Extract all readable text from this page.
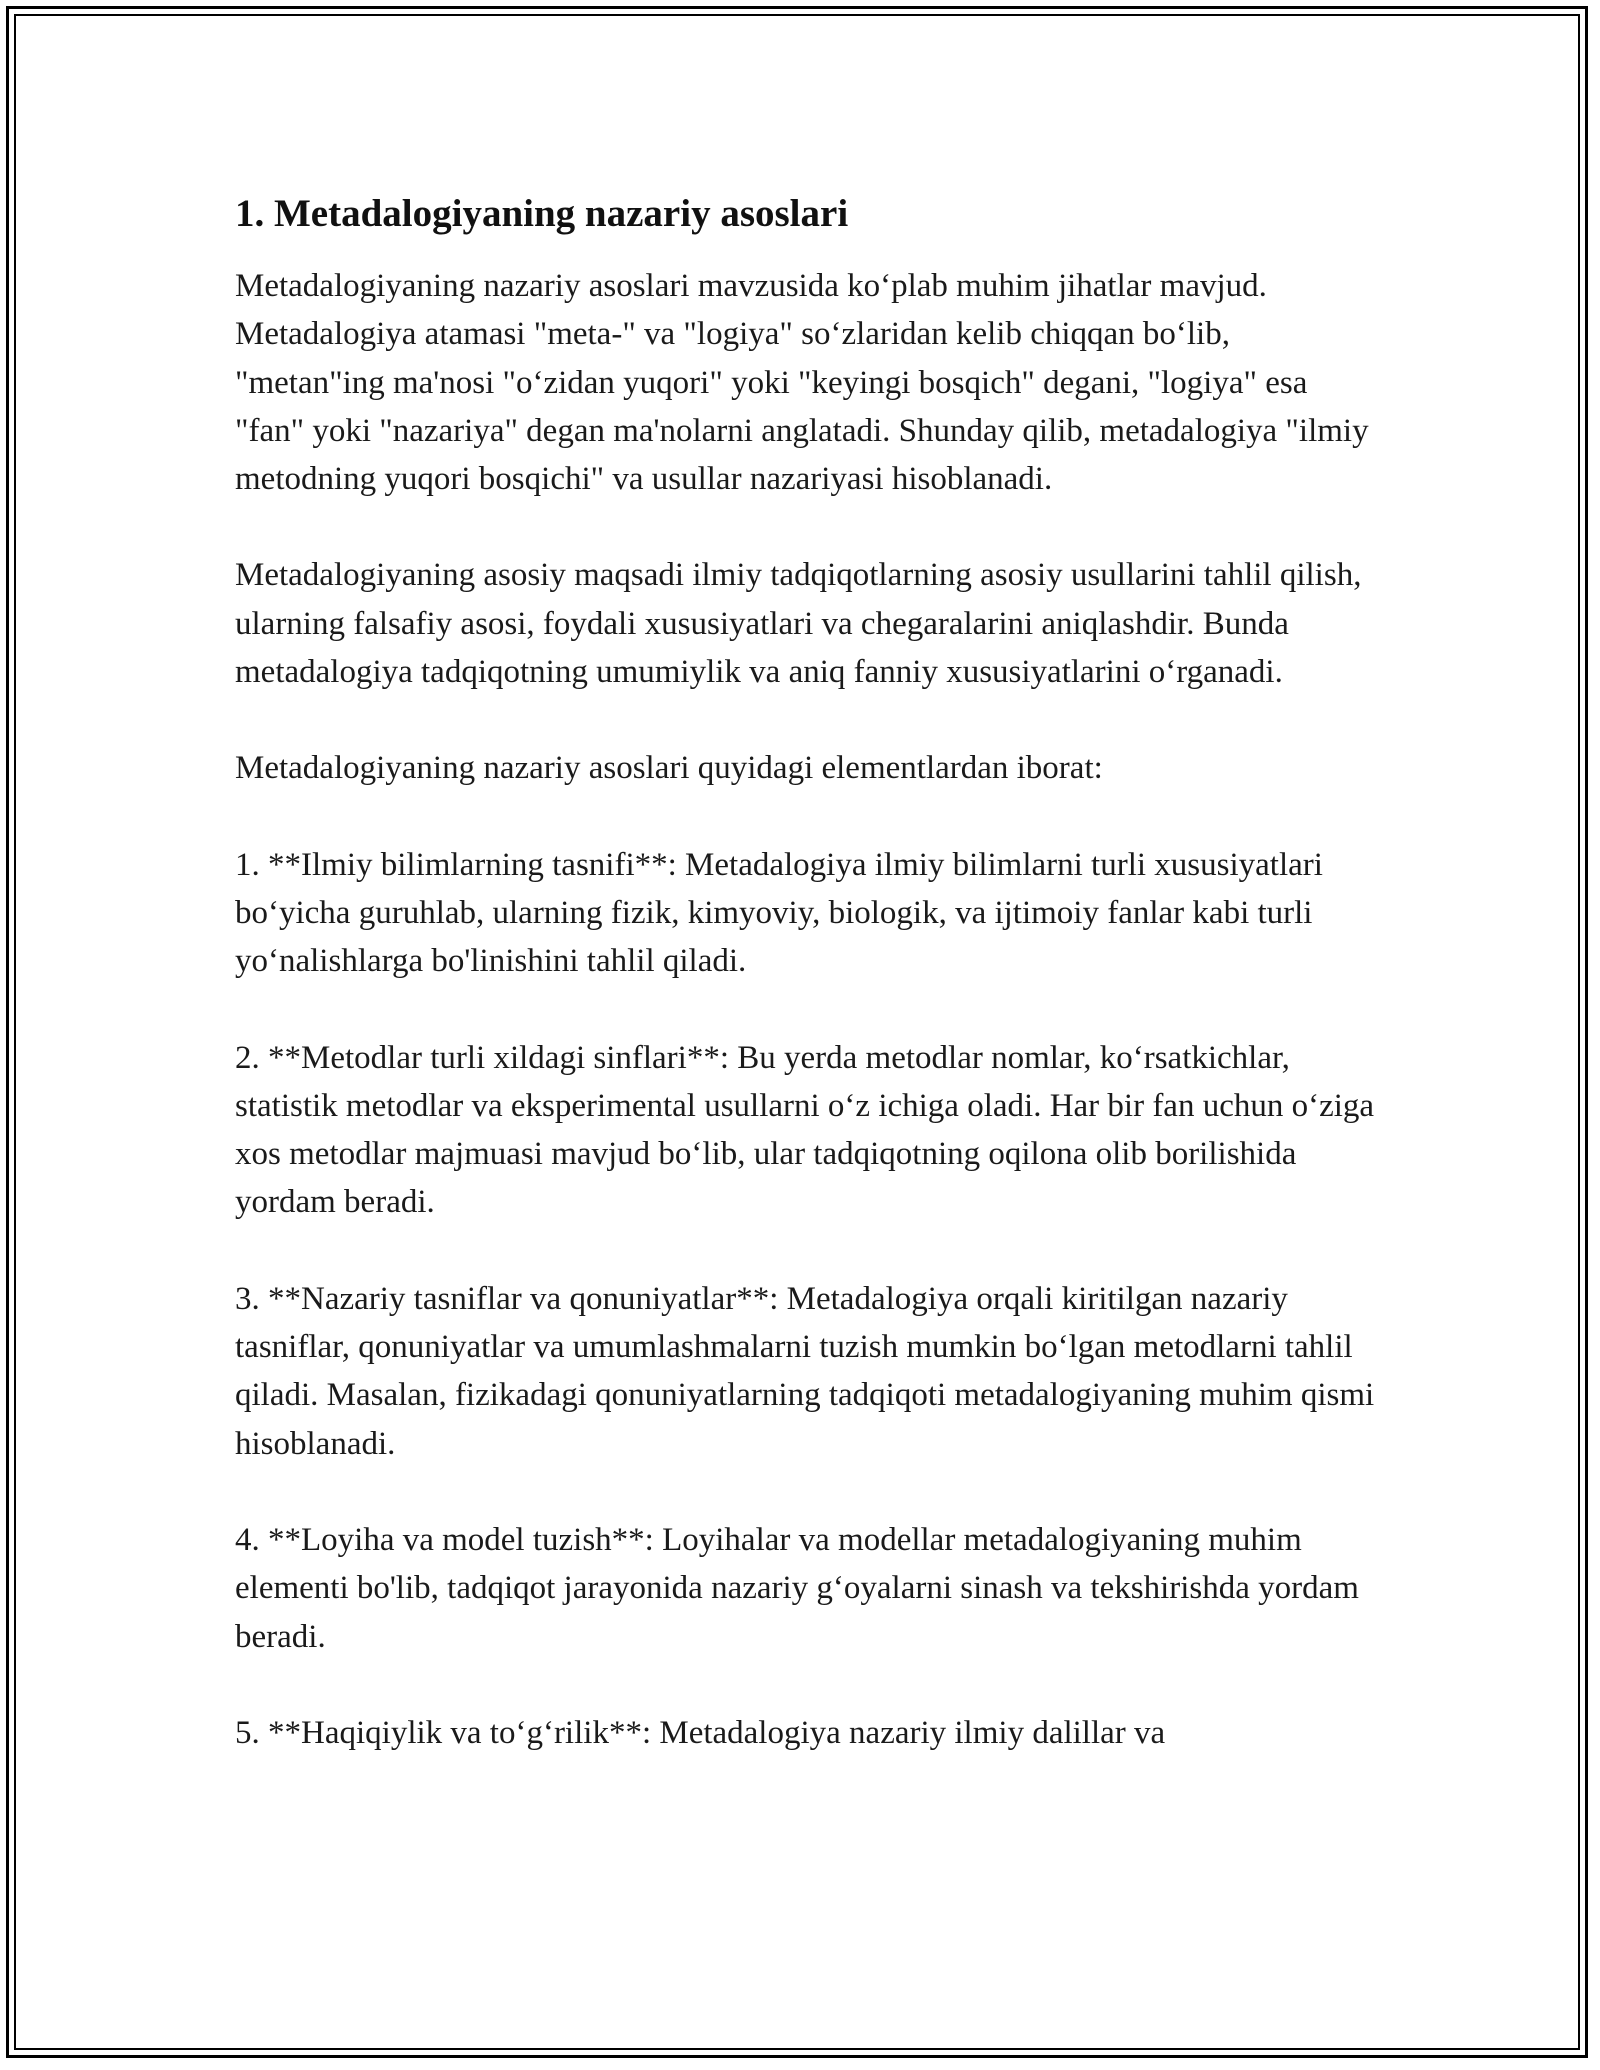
1. Metadalogiyaning nazariy asoslari

Metadalogiyaning nazariy asoslari mavzusida ko‘plab muhim jihatlar mavjud. Metadalogiya atamasi "meta-" va "logiya" so‘zlaridan kelib chiqqan bo‘lib, "metan"ing ma'nosi "o‘zidan yuqori" yoki "keyingi bosqich" degani, "logiya" esa "fan" yoki "nazariya" degan ma'nolarni anglatadi. Shunday qilib, metadalogiya "ilmiy metodning yuqori bosqichi" va usullar nazariyasi hisoblanadi.

Metadalogiyaning asosiy maqsadi ilmiy tadqiqotlarning asosiy usullarini tahlil qilish, ularning falsafiy asosi, foydali xususiyatlari va chegaralarini aniqlashdir. Bunda metadalogiya tadqiqotning umumiylik va aniq fanniy xususiyatlarini o‘rganadi.

Metadalogiyaning nazariy asoslari quyidagi elementlardan iborat:

1. **Ilmiy bilimlarning tasnifi**: Metadalogiya ilmiy bilimlarni turli xususiyatlari bo‘yicha guruhlab, ularning fizik, kimyoviy, biologik, va ijtimoiy fanlar kabi turli yo‘nalishlarga bo'linishini tahlil qiladi.

2. **Metodlar turli xildagi sinflari**: Bu yerda metodlar nomlar, ko‘rsatkichlar, statistik metodlar va eksperimental usullarni o‘z ichiga oladi. Har bir fan uchun o‘ziga xos metodlar majmuasi mavjud bo‘lib, ular tadqiqotning oqilona olib borilishida yordam beradi.

3. **Nazariy tasniflar va qonuniyatlar**: Metadalogiya orqali kiritilgan nazariy tasniflar, qonuniyatlar va umumlashmalarni tuzish mumkin bo‘lgan metodlarni tahlil qiladi. Masalan, fizikadagi qonuniyatlarning tadqiqoti metadalogiyaning muhim qismi hisoblanadi.

4. **Loyiha va model tuzish**: Loyihalar va modellar metadalogiyaning muhim elementi bo'lib, tadqiqot jarayonida nazariy g‘oyalarni sinash va tekshirishda yordam beradi.

5. **Haqiqiylik va to‘g‘rilik**: Metadalogiya nazariy ilmiy dalillar va
